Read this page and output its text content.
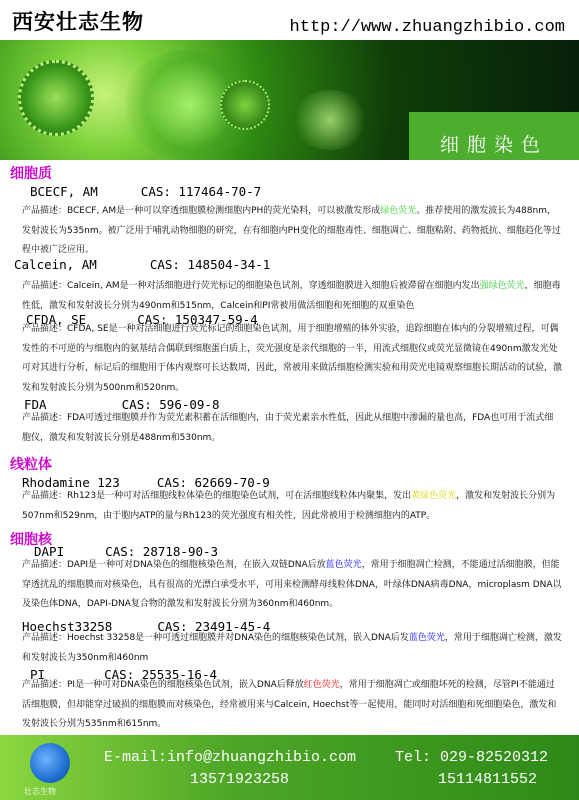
西安壮志生物	http://www.zhuangzhibio.com
细胞染色
细胞质
BCECF, AM	CAS: 117464-70-7
产品描述：BCECF, AM是一种可以穿透细胞膜检测细胞内PH的荧光染料，可以被激发形成绿色荧光。推荐使用的激发波长为488nm，发射波长为535nm。被广泛用于哺乳动物细胞的研究，在有细胞内PH变化的细胞毒性、细胞凋亡、细胞粘附、药物抵抗、细胞趋化等过程中被广泛应用。
Calcein, AM	CAS: 148504-34-1
产品描述：Calcein, AM是一种对活细胞进行荧光标记的细胞染色试剂，穿透细胞膜进入细胞后被滞留在细胞内发出强绿色荧光，细胞毒性低，激发和发射波长分别为490nm和515nm，Calcein和PI常被用做活细胞和死细胞的双重染色
CFDA, SE	CAS: 150347-59-4
产品描述：CFDA, SE是一种对活细胞进行荧光标记的细胞染色试剂，用于细胞增殖的体外实验，追踪细胞在体内的分裂增殖过程，可偶发性的不可逆的与细胞内的氨基结合偶联到细胞蛋白质上，荧光强度是亲代细胞的一半，用流式细胞仪或荧光显微镜在490nm激发光处可对其进行分析，标记后的细胞用于体内观察可长达数周，因此，常被用来做活细胞检测实验和用荧光电镜观察细胞长期活动的试验，激发和发射波长分别为500nm和520nm。
FDA	CAS: 596-09-8
产品描述：FDA可透过细胞膜并作为荧光素积蓄在活细胞内，由于荧光素亲水性低，因此从细胞中渗漏的量也高，FDA也可用于流式细胞仪，激发和发射波长分别是488nm和530nm。
线粒体
Rhodamine 123	CAS: 62669-70-9
产品描述：Rh123是一种可对活细胞线粒体染色的细胞染色试剂，可在活细胞线粒体内聚集，发出黄绿色荧光，激发和发射波长分别为507nm和529nm，由于胞内ATP的量与Rh123的荧光强度有相关性，因此常被用于检测细胞内的ATP。
细胞核
DAPI	CAS: 28718-90-3
产品描述：DAPI是一种可对DNA染色的细胞核染色剂，在嵌入双链DNA后放蓝色荧光，常用于细胞凋亡检测，不能通过活细胞膜，但能穿透扰乱的细胞膜而对核染色，具有很高的光漂白承受水平，可用来检测酵母线粒体DNA，叶绿体DNA病毒DNA，microplasm DNA以及染色体DNA，DAPI-DNA复合物的激发和发射波长分别为360nm和460nm。
Hoechst33258	CAS: 23491-45-4
产品描述：Hoechst 33258是一种可透过细胞膜并对DNA染色的细胞核染色试剂，嵌入DNA后发蓝色荧光，常用于细胞凋亡检测，激发和发射波长为350nm和460nm
PI	CAS: 25535-16-4
产品描述：PI是一种可对DNA染色的细胞核染色试剂，嵌入DNA后释放红色荧光，常用于细胞凋亡或细胞坏死的检测，尽管PI不能通过活细胞膜，但却能穿过破损的细胞膜而对核染色，经常被用来与Calcein, Hoechst等一起使用，能同时对活细胞和死细胞染色，激发和发射波长分别为535nm和615nm。
壮志生物
E-mail:info@zhuangzhibio.com	Tel: 029-82520312
13571923258	15114811552
